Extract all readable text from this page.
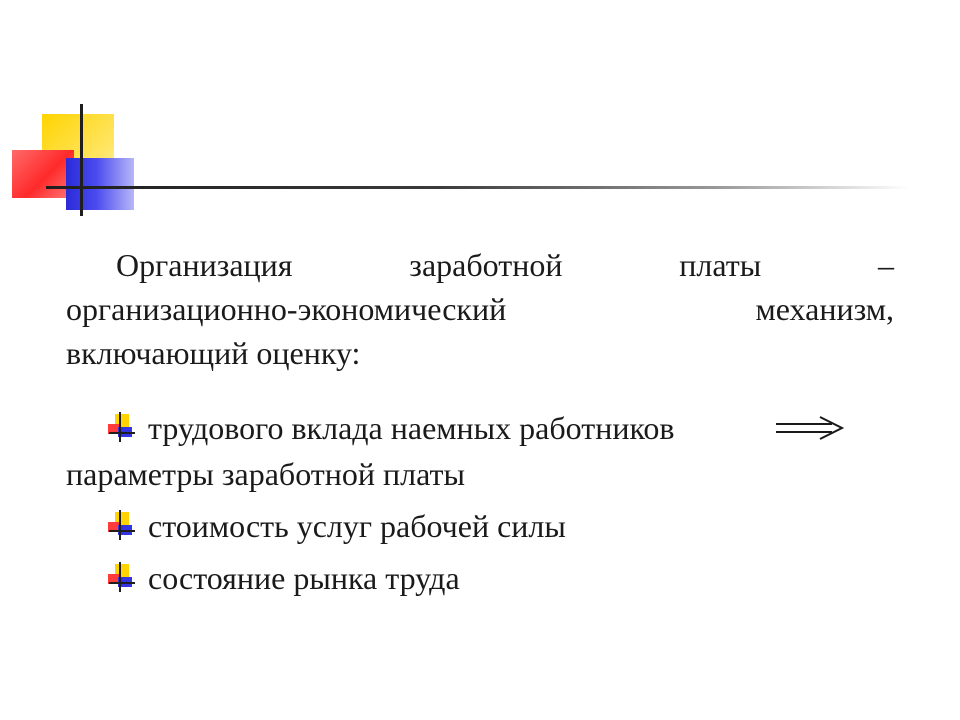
Организация	заработной	платы	–
организационно-экономический	механизм,
включающий оценку:
трудового вклада наемных работников
параметры заработной платы
стоимость услуг рабочей силы
состояние рынка труда
